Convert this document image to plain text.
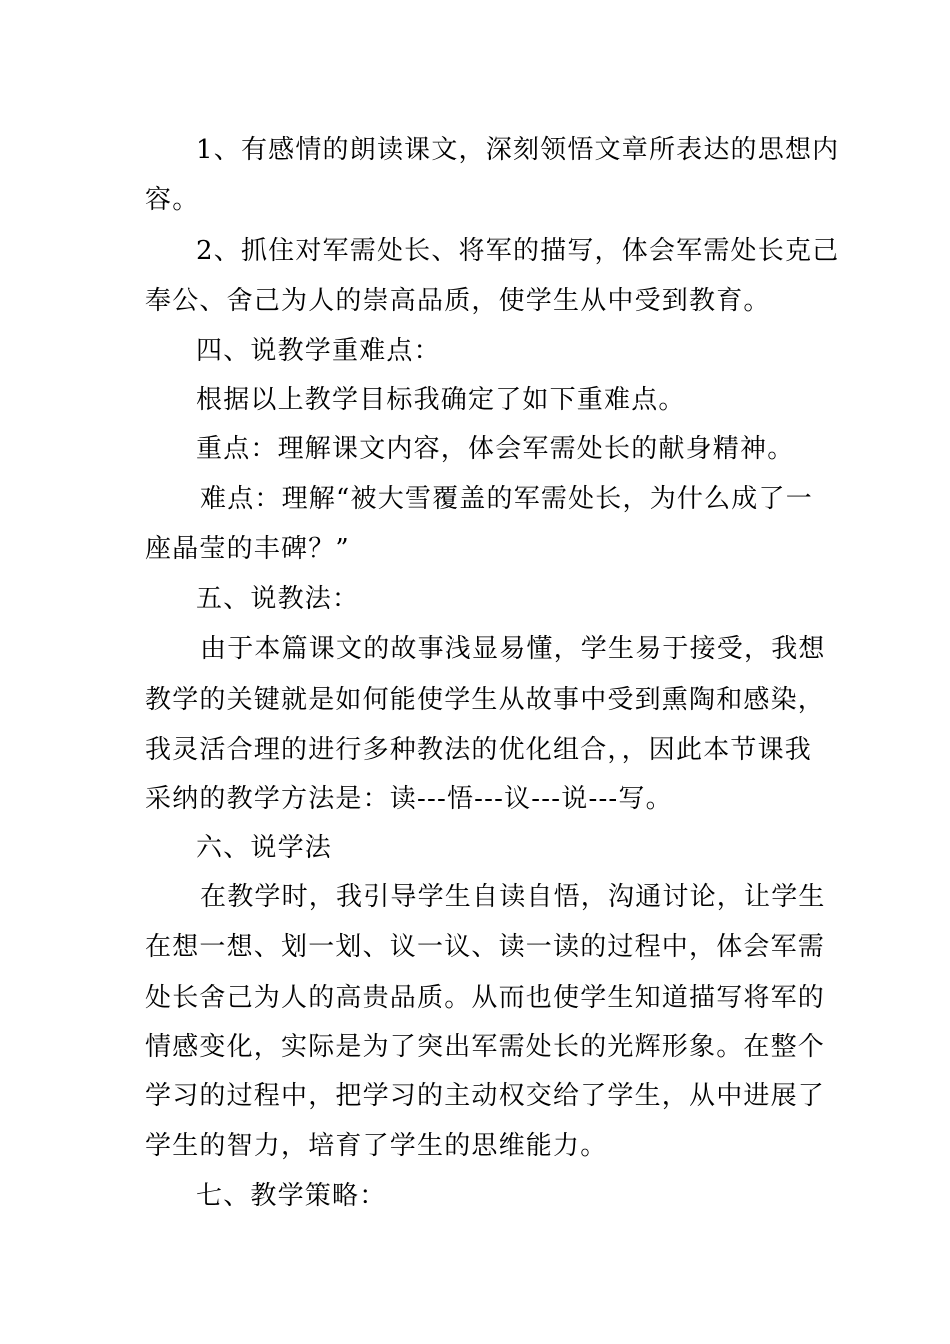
1、有感情的朗读课文，深刻领悟文章所表达的思想内
容。
2、抓住对军需处长、将军的描写，体会军需处长克己
奉公、舍己为人的崇高品质，使学生从中受到教育。
四、说教学重难点：
根据以上教学目标我确定了如下重难点。
重点：理解课文内容，体会军需处长的献身精神。
难点：理解“被大雪覆盖的军需处长，为什么成了一
座晶莹的丰碑？”
五、说教法：
由于本篇课文的故事浅显易懂，学生易于接受，我想
教学的关键就是如何能使学生从故事中受到熏陶和感染，
我灵活合理的进行多种教法的优化组合，，因此本节课我
采纳的教学方法是：读---悟---议---说---写。
六、说学法
在教学时，我引导学生自读自悟，沟通讨论，让学生
在想一想、划一划、议一议、读一读的过程中，体会军需
处长舍己为人的高贵品质。从而也使学生知道描写将军的
情感变化，实际是为了突出军需处长的光辉形象。在整个
学习的过程中，把学习的主动权交给了学生，从中进展了
学生的智力，培育了学生的思维能力。
七、教学策略：
